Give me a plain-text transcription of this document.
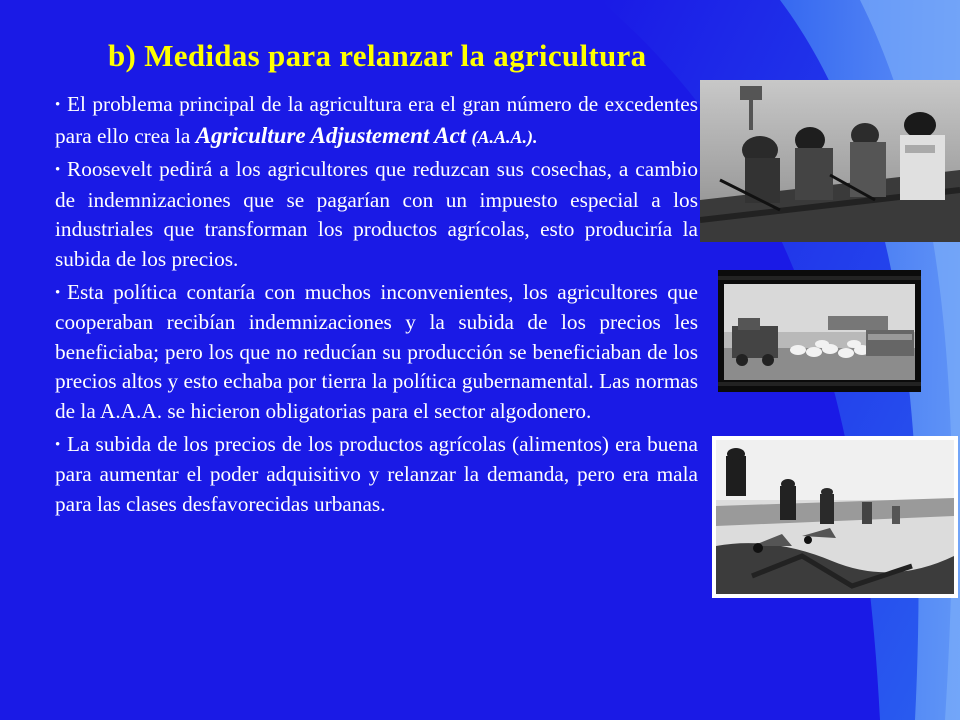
b) Medidas para relanzar la agricultura

• El problema principal de la agricultura era el gran número de excedentes para ello crea la Agriculture Adjustement Act (A.A.A.).

• Roosevelt pedirá a los agricultores que reduzcan sus cosechas, a cambio de indemnizaciones que se pagarían con un impuesto especial a los industriales que transforman los productos agrícolas, esto produciría la subida de los precios.

• Esta política contaría con muchos inconvenientes, los agricultores que cooperaban recibían indemnizaciones y la subida de los precios les beneficiaba; pero los que no reducían su producción se beneficiaban de los precios altos y esto echaba por tierra la política gubernamental. Las normas de la A.A.A. se hicieron obligatorias para el sector algodonero.

• La subida de los precios de los productos agrícolas (alimentos) era buena para aumentar el poder adquisitivo y relanzar la demanda, pero era mala para las clases desfavorecidas urbanas.
